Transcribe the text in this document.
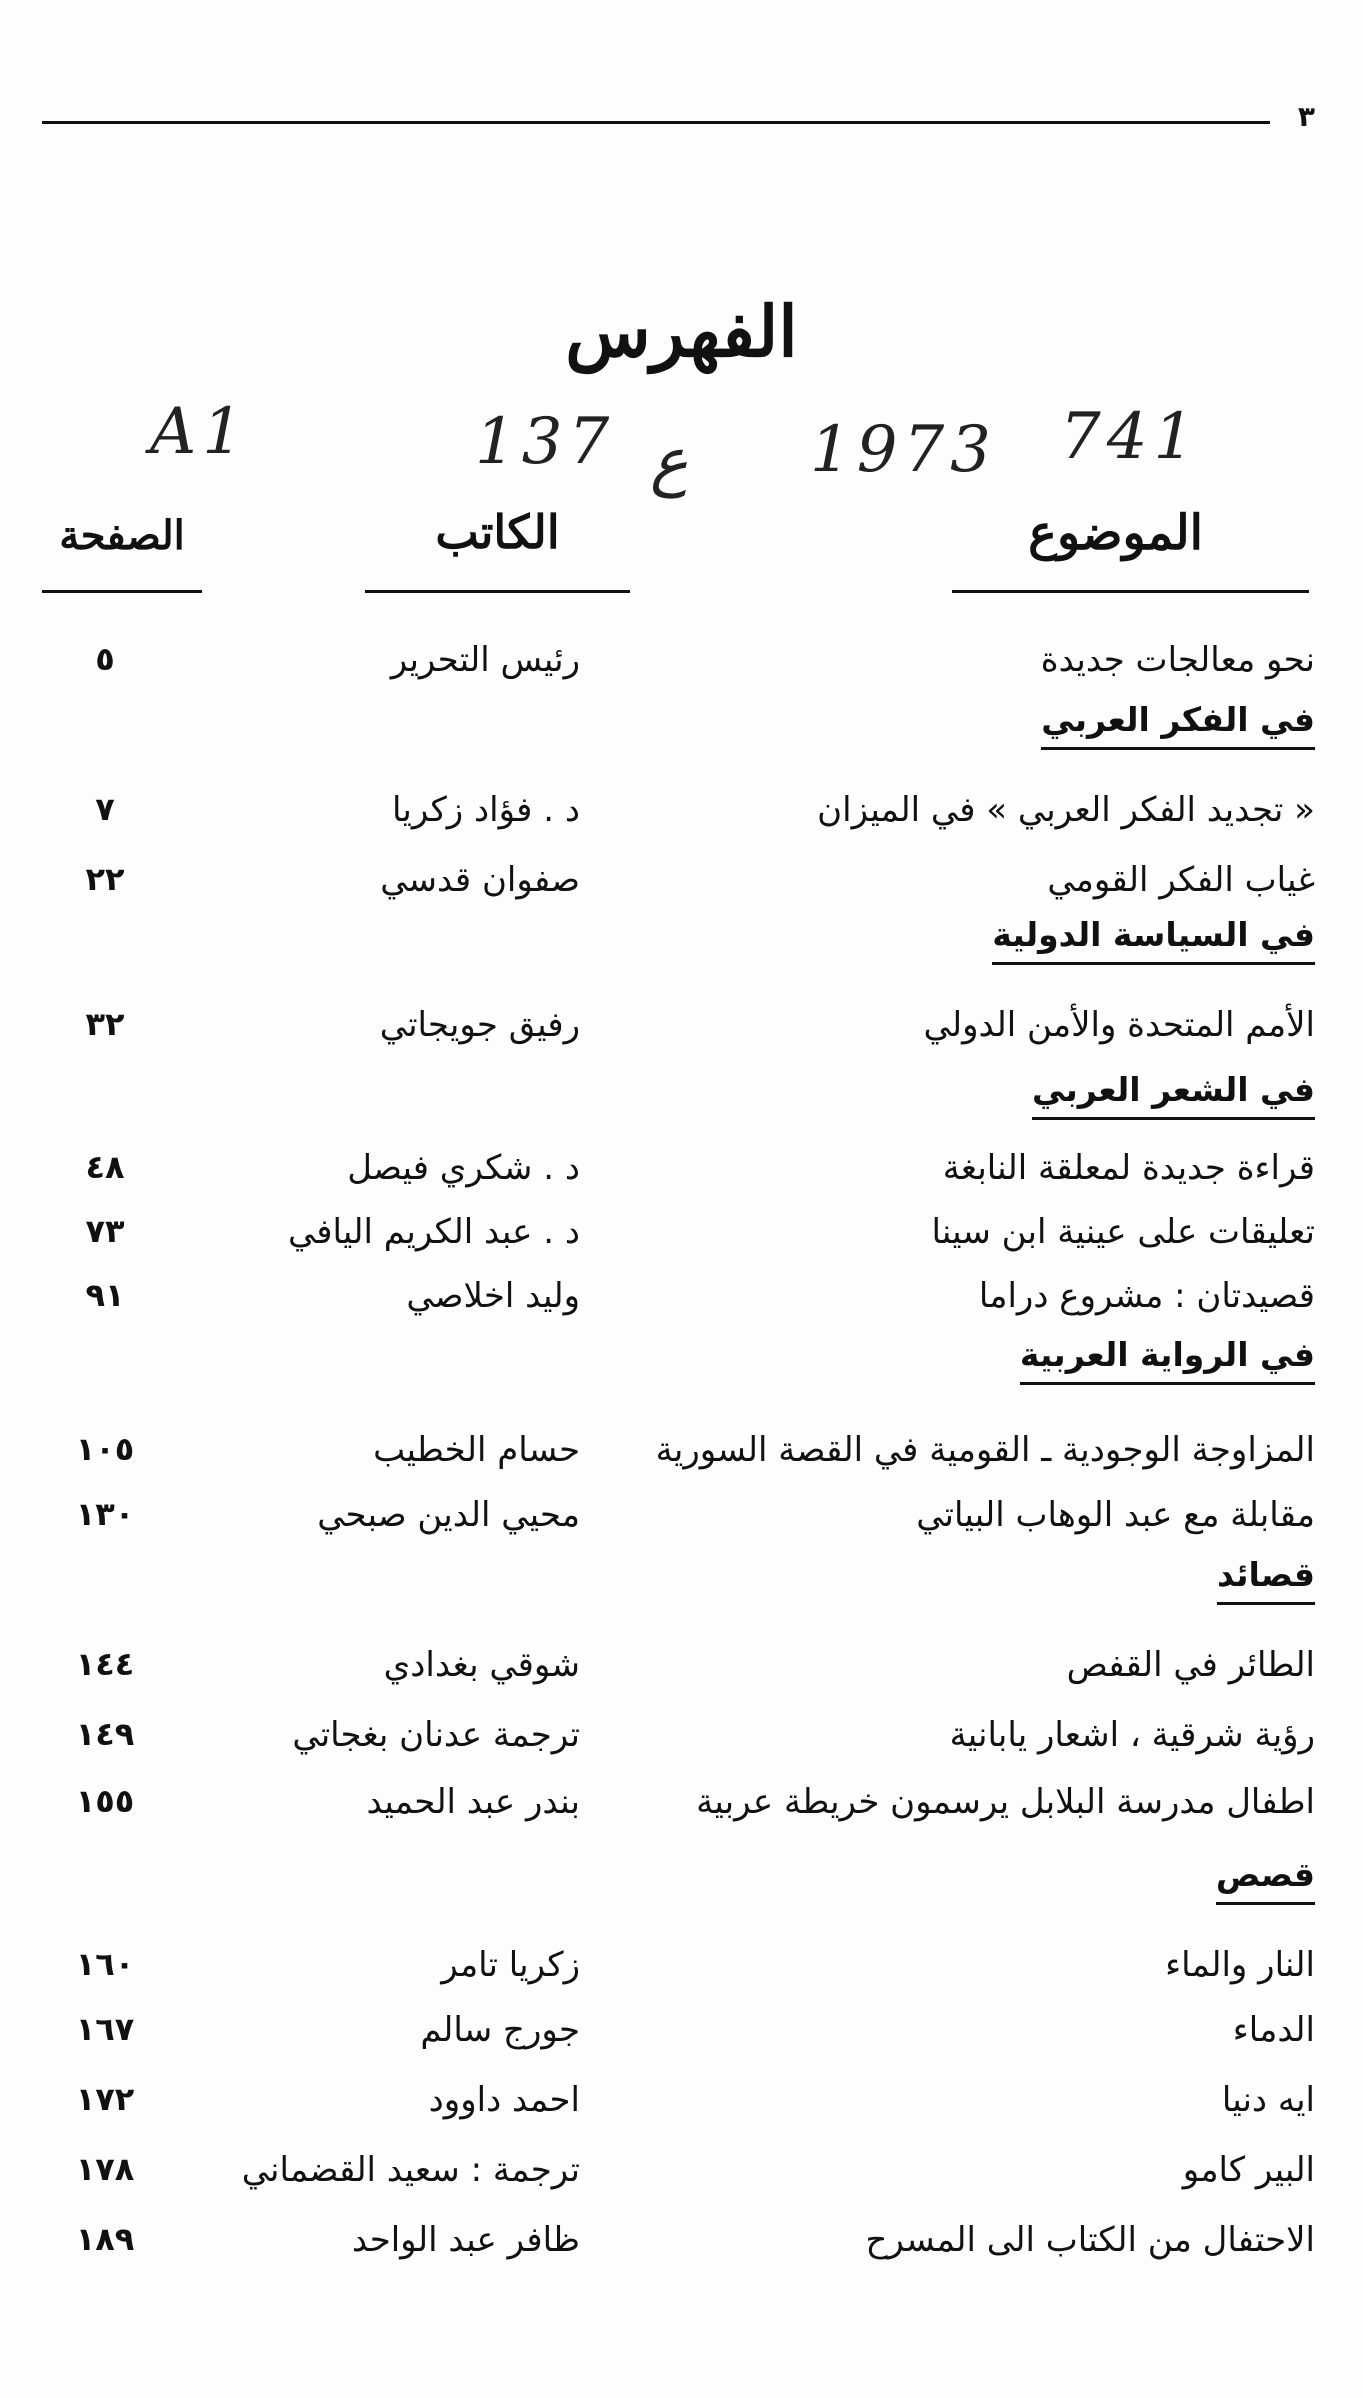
٣
الفهرس
A1	137 ع 1973 741
الموضوع
الكاتب
الصفحة
نحو معالجات جديدة
رئيس التحرير
٥
في الفكر العربي
« تجديد الفكر العربي » في الميزان
د . فؤاد زكريا
٧
غياب الفكر القومي
صفوان قدسي
٢٢
في السياسة الدولية
الأمم المتحدة والأمن الدولي
رفيق جويجاتي
٣٢
في الشعر العربي
قراءة جديدة لمعلقة النابغة
د . شكري فيصل
٤٨
تعليقات على عينية ابن سينا
د . عبد الكريم اليافي
٧٣
قصيدتان : مشروع دراما
وليد اخلاصي
٩١
في الرواية العربية
المزاوجة الوجودية ـ القومية في القصة السورية
حسام الخطيب
١٠٥
مقابلة مع عبد الوهاب البياتي
محيي الدين صبحي
١٣٠
قصائد
الطائر في القفص
شوقي بغدادي
١٤٤
رؤية شرقية ، اشعار يابانية
ترجمة عدنان بغجاتي
١٤٩
اطفال مدرسة البلابل يرسمون خريطة عربية
بندر عبد الحميد
١٥٥
قصص
النار والماء
زكريا تامر
١٦٠
الدماء
جورج سالم
١٦٧
ايه دنيا
احمد داوود
١٧٢
البير كامو
ترجمة : سعيد القضماني
١٧٨
الاحتفال من الكتاب الى المسرح
ظافر عبد الواحد
١٨٩
